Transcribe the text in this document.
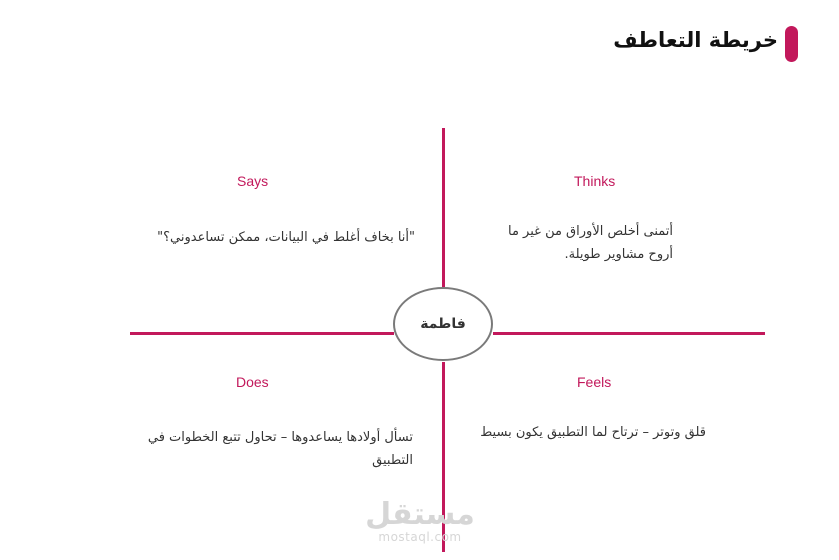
خريطة التعاطف
فاطمة
Says
"أنا بخاف أغلط في البيانات، ممكن تساعدوني؟"
Thinks
أتمنى أخلص الأوراق من غير ما أروح مشاوير طويلة.
Does
تسأل أولادها يساعدوها – تحاول تتبع الخطوات في التطبيق
Feels
قلق وتوتر – ترتاح لما التطبيق يكون بسيط
مستقل
mostaql.com
